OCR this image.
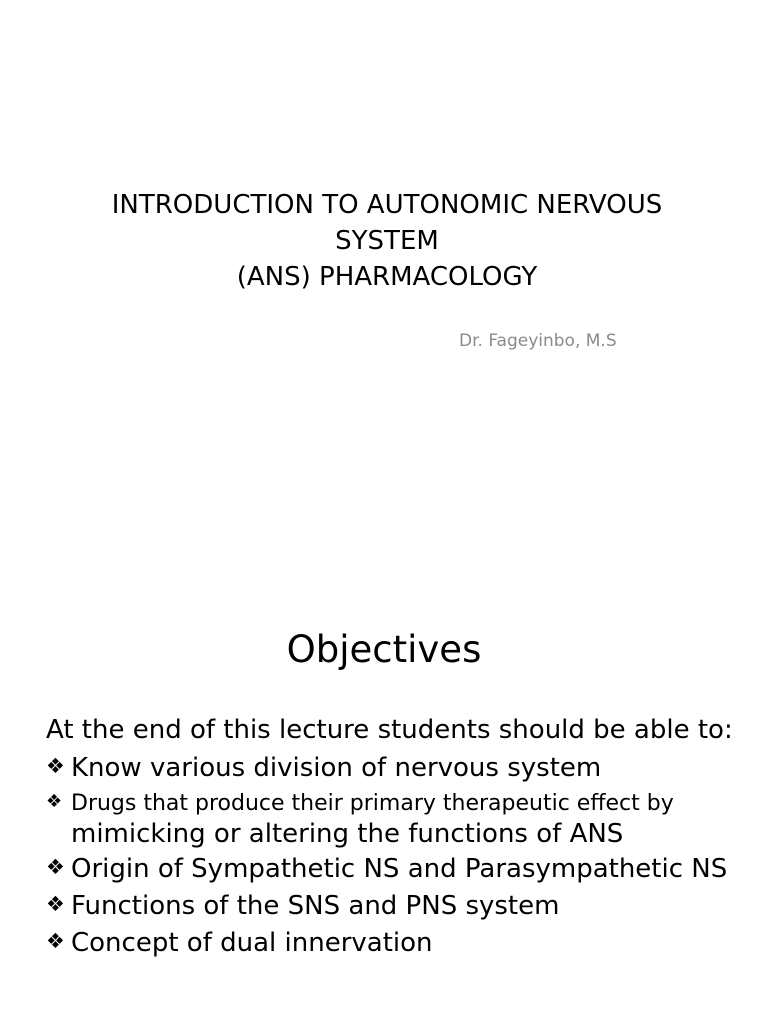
INTRODUCTION TO AUTONOMIC NERVOUS
SYSTEM
(ANS) PHARMACOLOGY
Dr. Fageyinbo, M.S
Objectives
At the end of this lecture students should be able to:
❖ Know various division of nervous system
❖ Drugs that produce their primary therapeutic effect by
mimicking or altering the functions of ANS
❖ Origin of Sympathetic NS and Parasympathetic NS
❖ Functions of the SNS and PNS system
❖ Concept of dual innervation
